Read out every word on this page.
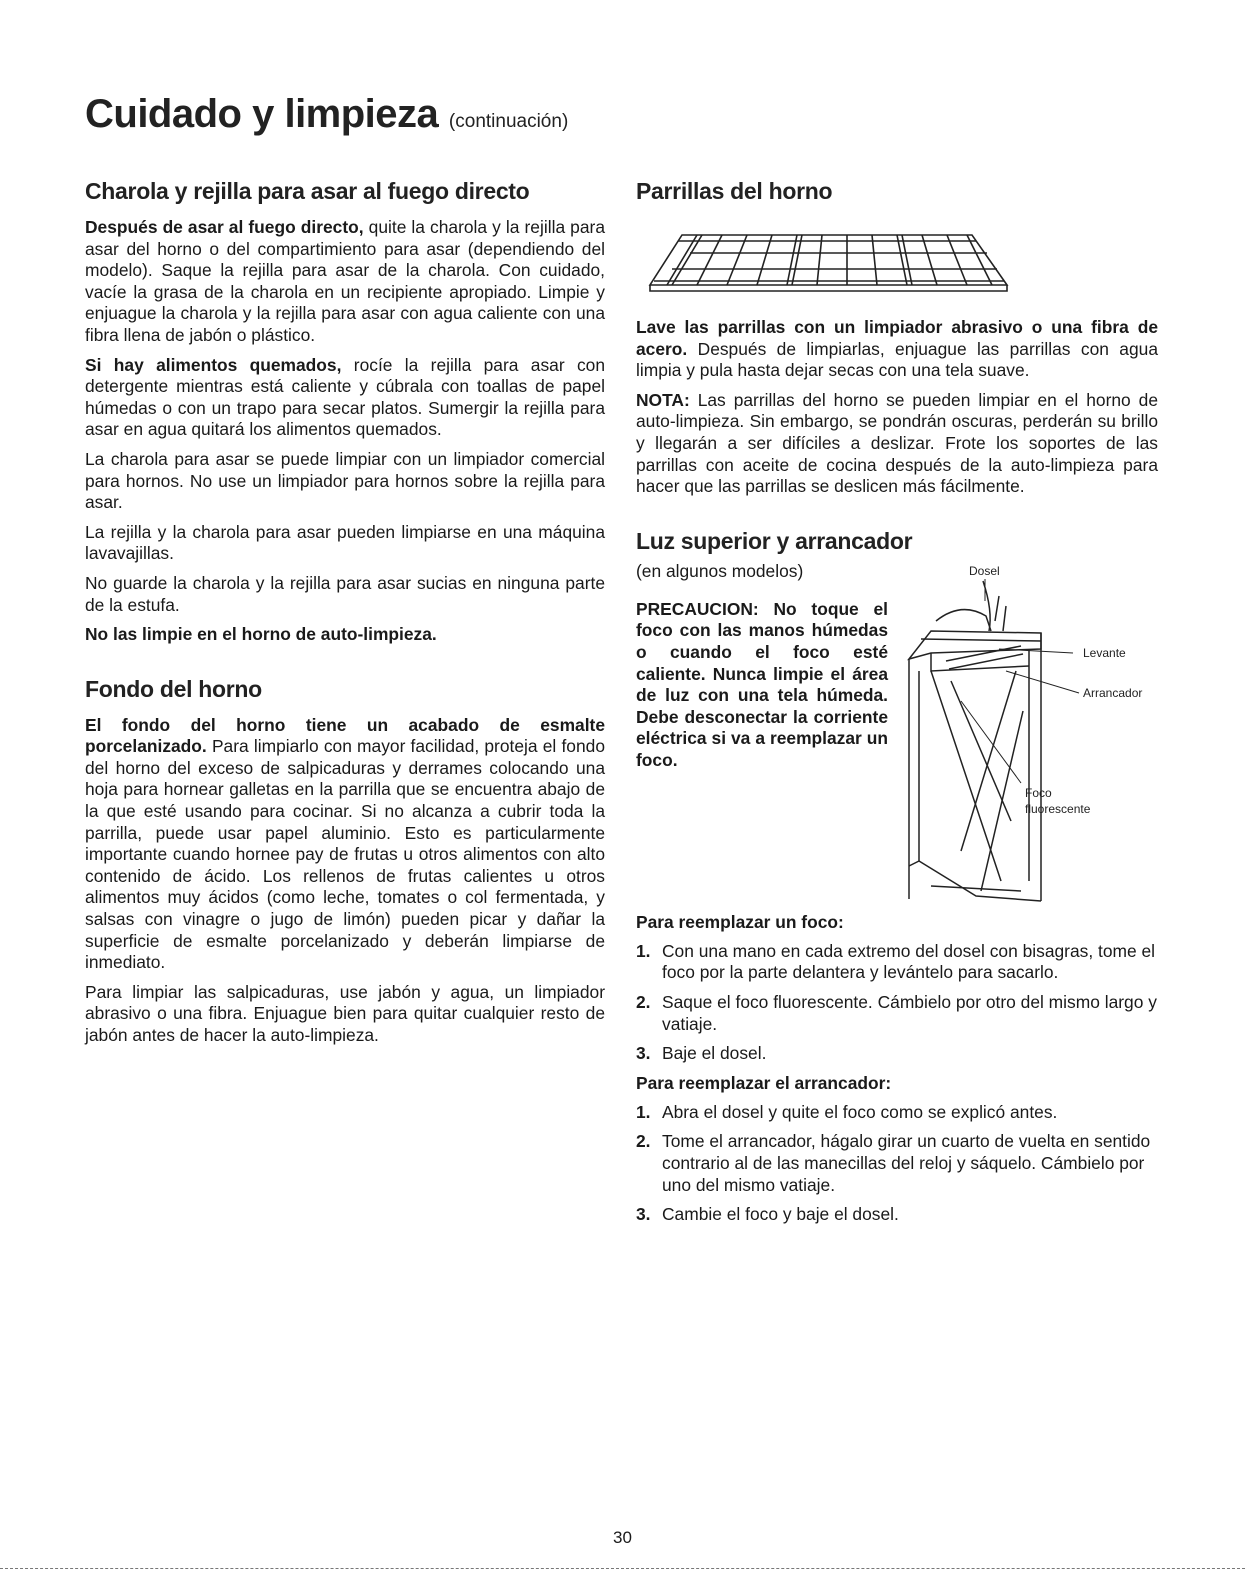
Cuidado y limpieza (continuación)
Charola y rejilla para asar al fuego directo

Después de asar al fuego directo, quite la charola y la rejilla para asar del horno o del compartimiento para asar (dependiendo del modelo). Saque la rejilla para asar de la charola. Con cuidado, vacíe la grasa de la charola en un recipiente apropiado. Limpie y enjuague la charola y la rejilla para asar con agua caliente con una fibra llena de jabón o plástico.

Si hay alimentos quemados, rocíe la rejilla para asar con detergente mientras está caliente y cúbrala con toallas de papel húmedas o con un trapo para secar platos. Sumergir la rejilla para asar en agua quitará los alimentos quemados.

La charola para asar se puede limpiar con un limpiador comercial para hornos. No use un limpiador para hornos sobre la rejilla para asar.

La rejilla y la charola para asar pueden limpiarse en una máquina lavavajillas.

No guarde la charola y la rejilla para asar sucias en ninguna parte de la estufa.

No las limpie en el horno de auto-limpieza.

Fondo del horno

El fondo del horno tiene un acabado de esmalte porcelanizado. Para limpiarlo con mayor facilidad, proteja el fondo del horno del exceso de salpicaduras y derrames colocando una hoja para hornear galletas en la parrilla que se encuentra abajo de la que esté usando para cocinar. Si no alcanza a cubrir toda la parrilla, puede usar papel aluminio. Esto es particularmente importante cuando hornee pay de frutas u otros alimentos con alto contenido de ácido. Los rellenos de frutas calientes u otros alimentos muy ácidos (como leche, tomates o col fermentada, y salsas con vinagre o jugo de limón) pueden picar y dañar la superficie de esmalte porcelanizado y deberán limpiarse de inmediato.

Para limpiar las salpicaduras, use jabón y agua, un limpiador abrasivo o una fibra. Enjuague bien para quitar cualquier resto de jabón antes de hacer la auto-limpieza.

Parrillas del horno

Lave las parrillas con un limpiador abrasivo o una fibra de acero. Después de limpiarlas, enjuague las parrillas con agua limpia y pula hasta dejar secas con una tela suave.

NOTA: Las parrillas del horno se pueden limpiar en el horno de auto-limpieza. Sin embargo, se pondrán oscuras, perderán su brillo y llegarán a ser difíciles a deslizar. Frote los soportes de las parrillas con aceite de cocina después de la auto-limpieza para hacer que las parrillas se deslicen más fácilmente.

Luz superior y arrancador

(en algunos modelos)

PRECAUCION: No toque el foco con las manos húmedas o cuando el foco esté caliente. Nunca limpie el área de luz con una tela húmeda. Debe desconectar la corriente eléctrica si va a reemplazar un foco.
Dosel
Levante
Arrancador
Foco
fluorescente
Para reemplazar un foco:
1. Con una mano en cada extremo del dosel con bisagras, tome el foco por la parte delantera y levántelo para sacarlo.
2. Saque el foco fluorescente. Cámbielo por otro del mismo largo y vatiaje.
3. Baje el dosel.
Para reemplazar el arrancador:
1. Abra el dosel y quite el foco como se explicó antes.
2. Tome el arrancador, hágalo girar un cuarto de vuelta en sentido contrario al de las manecillas del reloj y sáquelo. Cámbielo por uno del mismo vatiaje.
3. Cambie el foco y baje el dosel.
30
